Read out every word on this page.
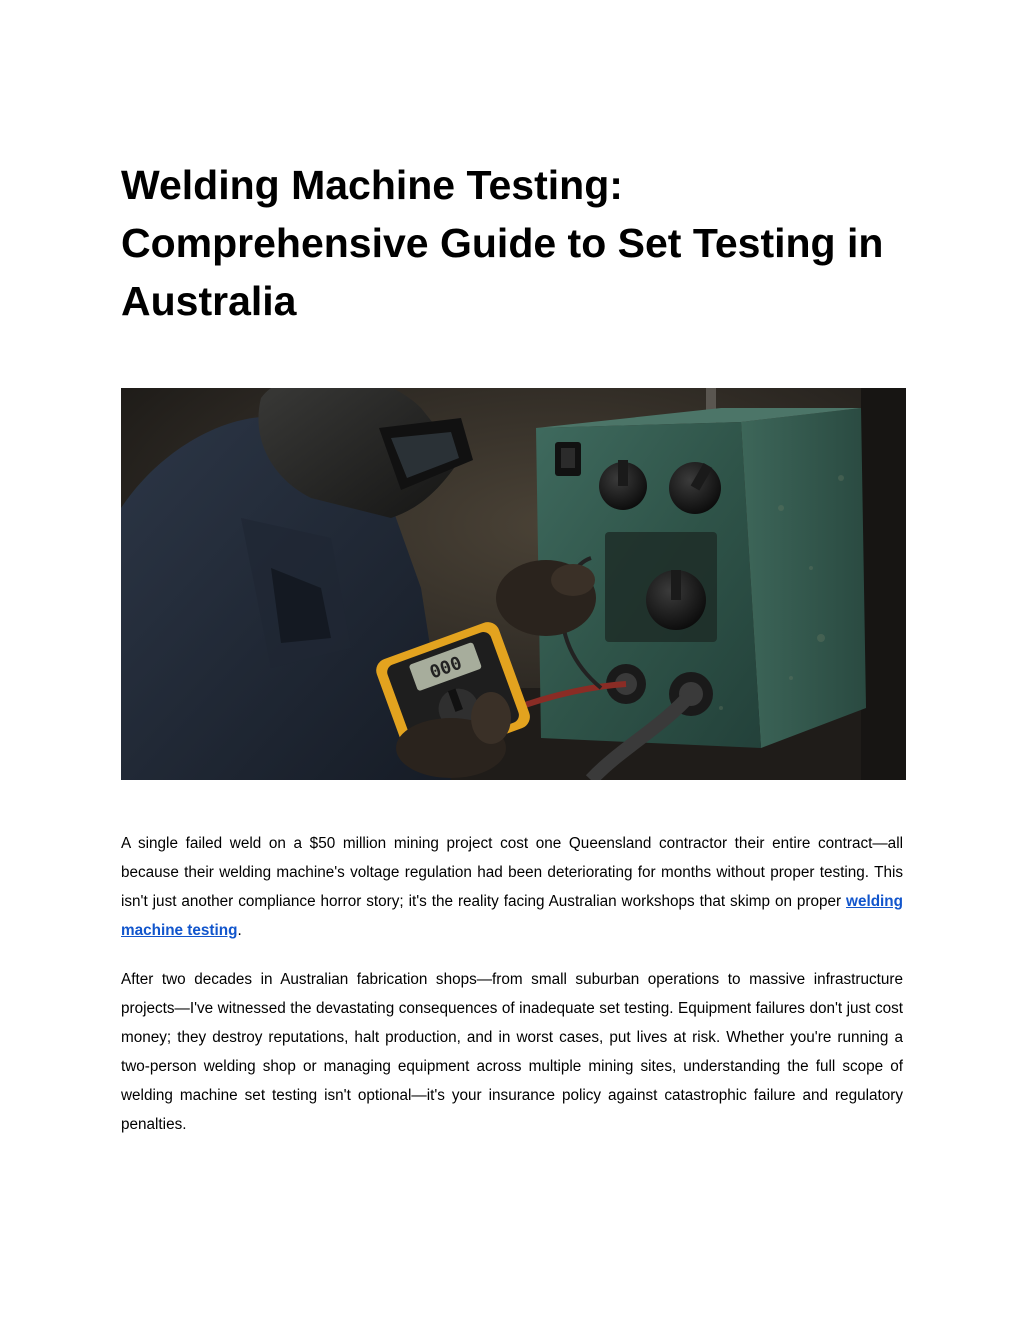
Welding Machine Testing: Comprehensive Guide to Set Testing in Australia
000

A single failed weld on a $50 million mining project cost one Queensland contractor their entire contract—all because their welding machine's voltage regulation had been deteriorating for months without proper testing. This isn't just another compliance horror story; it's the reality facing Australian workshops that skimp on proper welding machine testing.

After two decades in Australian fabrication shops—from small suburban operations to massive infrastructure projects—I've witnessed the devastating consequences of inadequate set testing. Equipment failures don't just cost money; they destroy reputations, halt production, and in worst cases, put lives at risk. Whether you're running a two-person welding shop or managing equipment across multiple mining sites, understanding the full scope of welding machine set testing isn't optional—it's your insurance policy against catastrophic failure and regulatory penalties.
